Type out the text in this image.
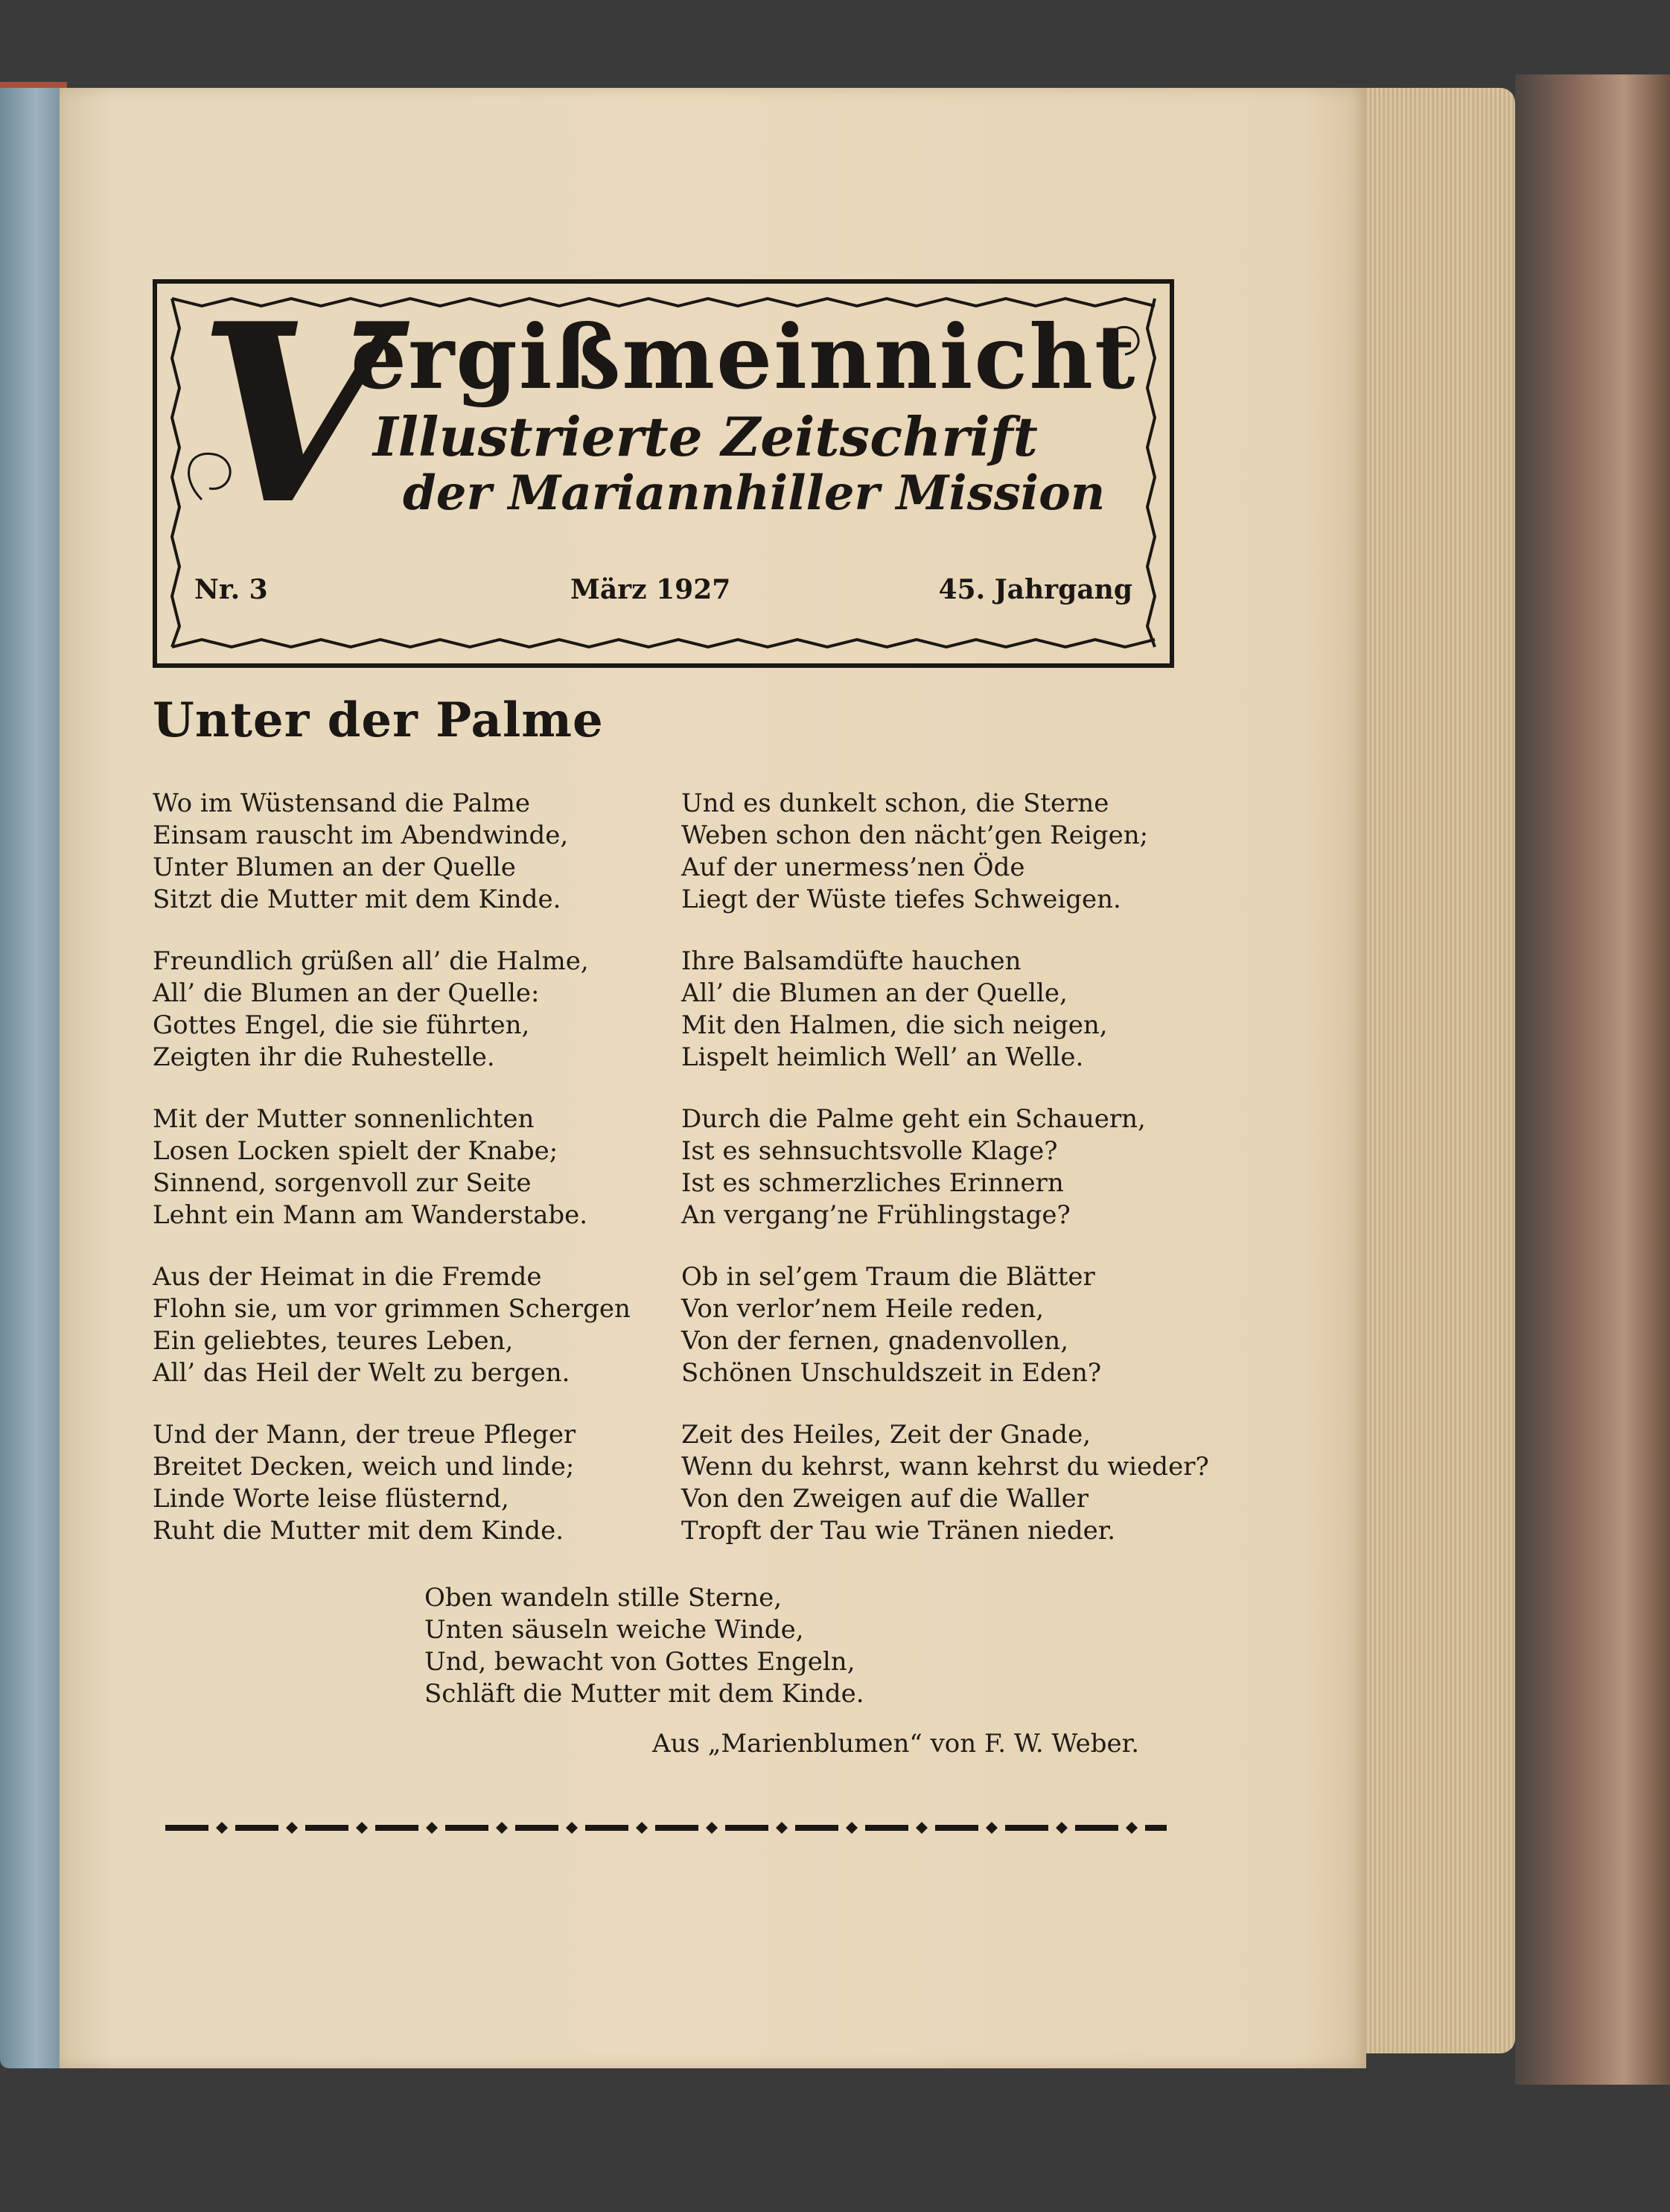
V
ergißmeinnicht
Illustrierte Zeitschrift
der Mariannhiller Mission
Nr. 3	März 1927	45. Jahrgang
Unter der Palme
Wo im Wüstensand die Palme
Einsam rauscht im Abendwinde,
Unter Blumen an der Quelle
Sitzt die Mutter mit dem Kinde.
Freundlich grüßen all’ die Halme,
All’ die Blumen an der Quelle:
Gottes Engel, die sie führten,
Zeigten ihr die Ruhestelle.
Mit der Mutter sonnenlichten
Losen Locken spielt der Knabe;
Sinnend, sorgenvoll zur Seite
Lehnt ein Mann am Wanderstabe.
Aus der Heimat in die Fremde
Flohn sie, um vor grimmen Schergen
Ein geliebtes, teures Leben,
All’ das Heil der Welt zu bergen.
Und der Mann, der treue Pfleger
Breitet Decken, weich und linde;
Linde Worte leise flüsternd,
Ruht die Mutter mit dem Kinde.
Und es dunkelt schon, die Sterne
Weben schon den nächt’gen Reigen;
Auf der unermess’nen Öde
Liegt der Wüste tiefes Schweigen.
Ihre Balsamdüfte hauchen
All’ die Blumen an der Quelle,
Mit den Halmen, die sich neigen,
Lispelt heimlich Well’ an Welle.
Durch die Palme geht ein Schauern,
Ist es sehnsuchtsvolle Klage?
Ist es schmerzliches Erinnern
An vergang’ne Frühlingstage?
Ob in sel’gem Traum die Blätter
Von verlor’nem Heile reden,
Von der fernen, gnadenvollen,
Schönen Unschuldszeit in Eden?
Zeit des Heiles, Zeit der Gnade,
Wenn du kehrst, wann kehrst du wieder?
Von den Zweigen auf die Waller
Tropft der Tau wie Tränen nieder.
Oben wandeln stille Sterne,
Unten säuseln weiche Winde,
Und, bewacht von Gottes Engeln,
Schläft die Mutter mit dem Kinde.
Aus „Marienblumen“ von F. W. Weber.
